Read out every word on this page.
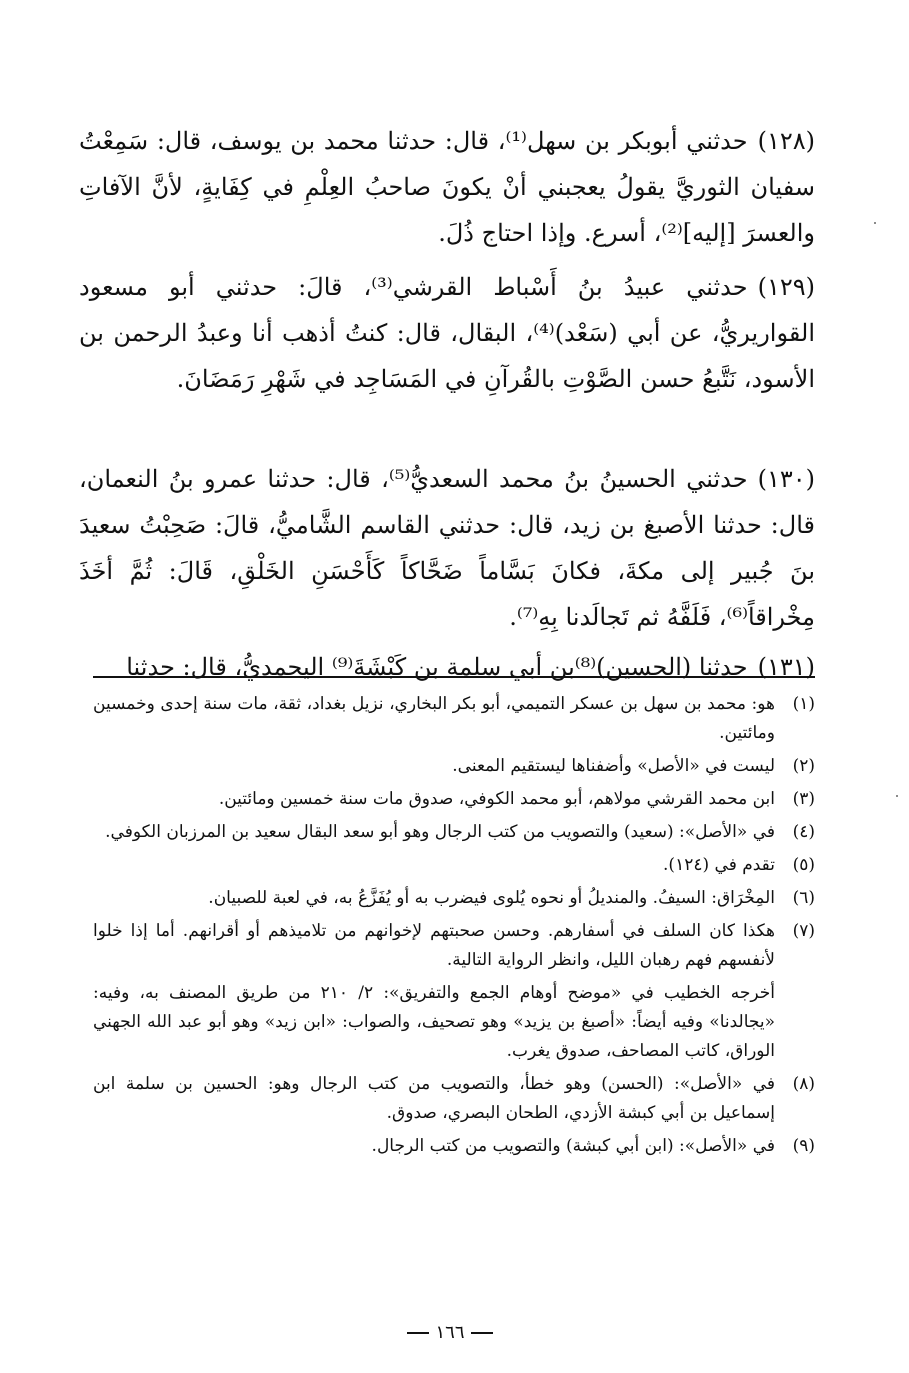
(١٢٨)حدثني أبوبكر بن سهل⁽¹⁾، قال: حدثنا محمد بن يوسف، قال: سَمِعْتُ سفيان الثوريَّ يقولُ يعجبني أنْ يكونَ صاحبُ العِلْمِ في كِفَايةٍ، لأنَّ الآفاتِ والعسرَ [إليه]⁽²⁾، أسرع. وإذا احتاج ذُلَ.

(١٢٩)حدثني عبيدُ بنُ أَسْباط القرشي⁽³⁾، قالَ: حدثني أبو مسعود القواريريُّ، عن أبي (سَعْد)⁽⁴⁾، البقال، قال: كنتُ أذهب أنا وعبدُ الرحمن بن الأسود، نَتَّبعُ حسن الصَّوْتِ بالقُرآنِ في المَسَاجِد في شَهْرِ رَمَضَانَ.

(١٣٠)حدثني الحسينُ بنُ محمد السعديُّ⁽⁵⁾، قال: حدثنا عمرو بنُ النعمان، قال: حدثنا الأصبغ بن زيد، قال: حدثني القاسم الشَّاميُّ، قالَ: صَحِبْتُ سعيدَ بنَ جُبير إلى مكةَ، فكانَ بَسَّاماً ضَحَّاكاً كَأَحْسَنِ الخَلْقِ، قَالَ: ثُمَّ أخَذَ مِخْراقاً⁽⁶⁾، فَلَفَّهُ ثم تَجالَدنا بِهِ⁽⁷⁾.

(١٣١)حدثنا (الحسين)⁽⁸⁾بن أبي سلمة بن كَبْشَةَ⁽⁹⁾ اليحمديُّ، قال: حدثنا

(١)
هو: محمد بن سهل بن عسكر التميمي، أبو بكر البخاري، نزيل بغداد، ثقة، مات سنة إحدى وخمسين ومائتين.
(٢)
ليست في «الأصل» وأضفناها ليستقيم المعنى.
(٣)
ابن محمد القرشي مولاهم، أبو محمد الكوفي، صدوق مات سنة خمسين ومائتين.
(٤)
في «الأصل»: (سعيد) والتصويب من كتب الرجال وهو أبو سعد البقال سعيد بن المرزبان الكوفي.
(٥)
تقدم في (١٢٤).
(٦)
المِخْرَاق: السيفُ. والمنديلُ أو نحوه يُلوى فيضرب به أو يُفَزَّعُ به، في لعبة للصبيان.
(٧)
هكذا كان السلف في أسفارهم. وحسن صحبتهم لإخوانهم من تلاميذهم أو أقرانهم. أما إذا خلوا لأنفسهم فهم رهبان الليل، وانظر الرواية التالية.
أخرجه الخطيب في «موضح أوهام الجمع والتفريق»: ٢/ ٢١٠ من طريق المصنف به، وفيه: «يجالدنا» وفيه أيضاً: «أصبغ بن يزيد» وهو تصحيف، والصواب: «ابن زيد» وهو أبو عبد الله الجهني الوراق، كاتب المصاحف، صدوق يغرب.
(٨)
في «الأصل»: (الحسن) وهو خطأ، والتصويب من كتب الرجال وهو: الحسين بن سلمة ابن إسماعيل بن أبي كبشة الأزدي، الطحان البصري، صدوق.
(٩)
في «الأصل»: (ابن أبي كبشة) والتصويب من كتب الرجال.
١٦٦
